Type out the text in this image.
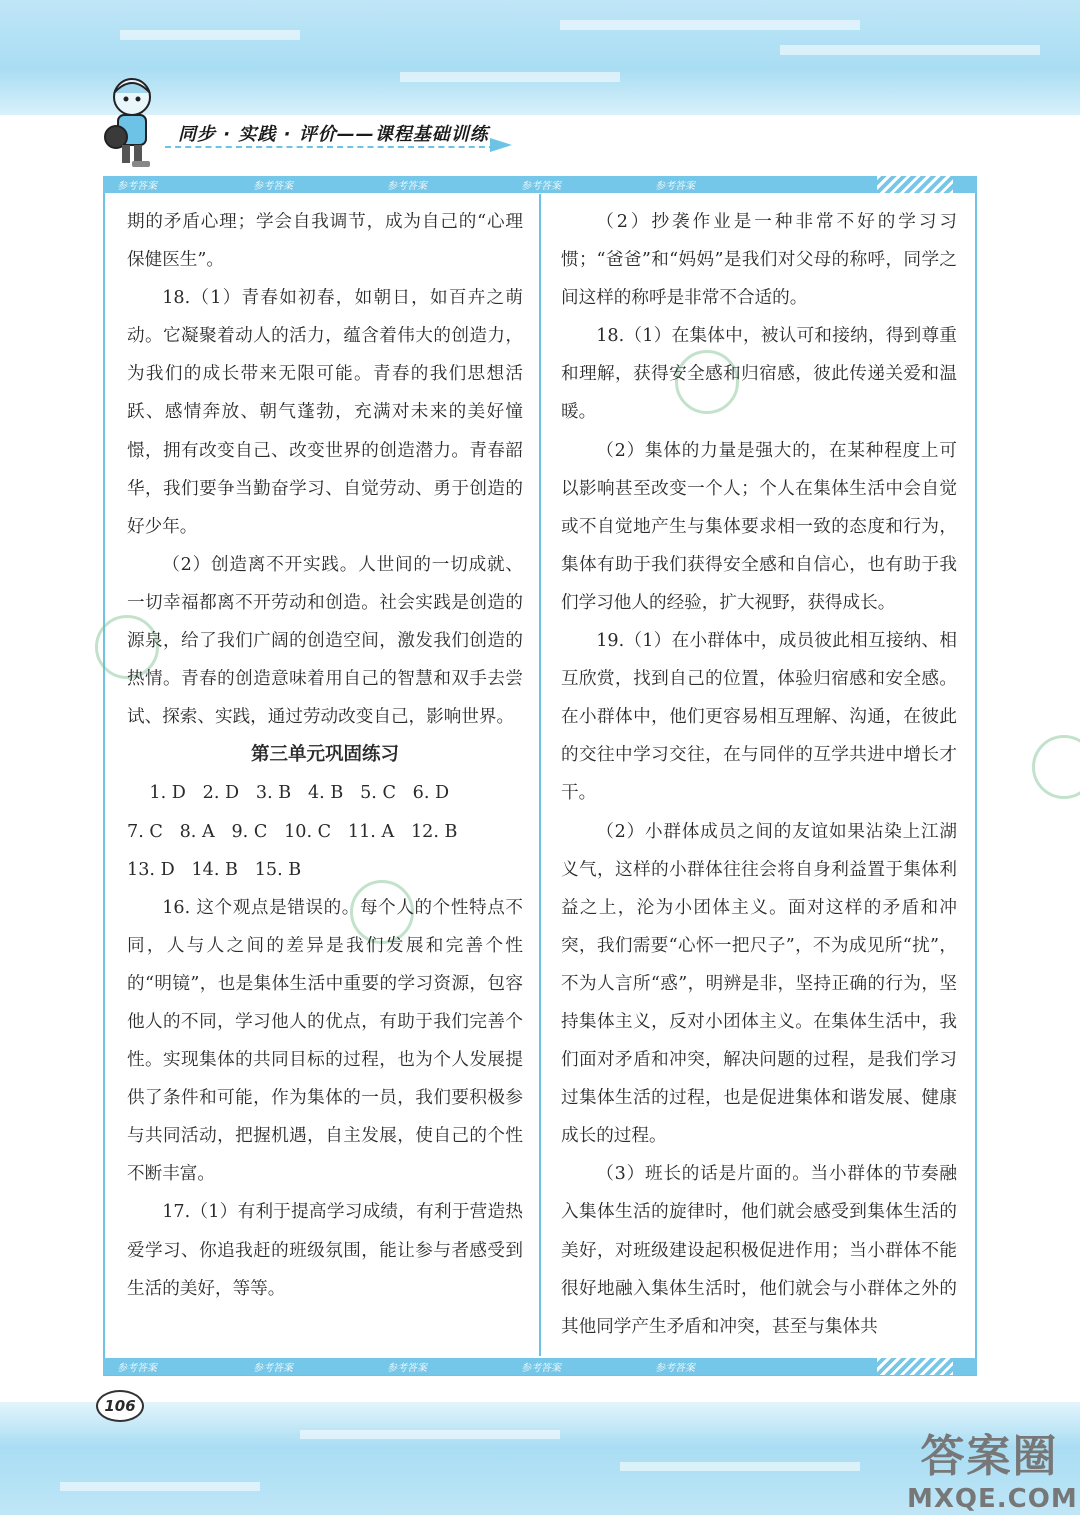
同步 · 实践 · 评价——课程基础训练
参考答案	参考答案	参考答案	参考答案	参考答案
参考答案	参考答案	参考答案	参考答案	参考答案

期的矛盾心理；学会自我调节，成为自己的“心理保健医生”。

18.（1）青春如初春，如朝日，如百卉之萌动。它凝聚着动人的活力，蕴含着伟大的创造力，为我们的成长带来无限可能。青春的我们思想活跃、感情奔放、朝气蓬勃，充满对未来的美好憧憬，拥有改变自己、改变世界的创造潜力。青春韶华，我们要争当勤奋学习、自觉劳动、勇于创造的好少年。

（2）创造离不开实践。人世间的一切成就、一切幸福都离不开劳动和创造。社会实践是创造的源泉，给了我们广阔的创造空间，激发我们创造的热情。青春的创造意味着用自己的智慧和双手去尝试、探索、实践，通过劳动改变自己，影响世界。

第三单元巩固练习

1. D   2. D   3. B   4. B   5. C   6. D

7. C   8. A   9. C   10. C   11. A   12. B

13. D   14. B   15. B

16. 这个观点是错误的。每个人的个性特点不同，人与人之间的差异是我们发展和完善个性的“明镜”，也是集体生活中重要的学习资源，包容他人的不同，学习他人的优点，有助于我们完善个性。实现集体的共同目标的过程，也为个人发展提供了条件和可能，作为集体的一员，我们要积极参与共同活动，把握机遇，自主发展，使自己的个性不断丰富。

17.（1）有利于提高学习成绩，有利于营造热爱学习、你追我赶的班级氛围，能让参与者感受到生活的美好，等等。

（2）抄袭作业是一种非常不好的学习习惯；“爸爸”和“妈妈”是我们对父母的称呼，同学之间这样的称呼是非常不合适的。

18.（1）在集体中，被认可和接纳，得到尊重和理解，获得安全感和归宿感，彼此传递关爱和温暖。

（2）集体的力量是强大的，在某种程度上可以影响甚至改变一个人；个人在集体生活中会自觉或不自觉地产生与集体要求相一致的态度和行为，集体有助于我们获得安全感和自信心，也有助于我们学习他人的经验，扩大视野，获得成长。

19.（1）在小群体中，成员彼此相互接纳、相互欣赏，找到自己的位置，体验归宿感和安全感。在小群体中，他们更容易相互理解、沟通，在彼此的交往中学习交往，在与同伴的互学共进中增长才干。

（2）小群体成员之间的友谊如果沾染上江湖义气，这样的小群体往往会将自身利益置于集体利益之上，沦为小团体主义。面对这样的矛盾和冲突，我们需要“心怀一把尺子”，不为成见所“扰”，不为人言所“惑”，明辨是非，坚持正确的行为，坚持集体主义，反对小团体主义。在集体生活中，我们面对矛盾和冲突，解决问题的过程，是我们学习过集体生活的过程，也是促进集体和谐发展、健康成长的过程。

（3）班长的话是片面的。当小群体的节奏融入集体生活的旋律时，他们就会感受到集体生活的美好，对班级建设起积极促进作用；当小群体不能很好地融入集体生活时，他们就会与小群体之外的其他同学产生矛盾和冲突，甚至与集体共

106
答案圈
MXQE.COM
